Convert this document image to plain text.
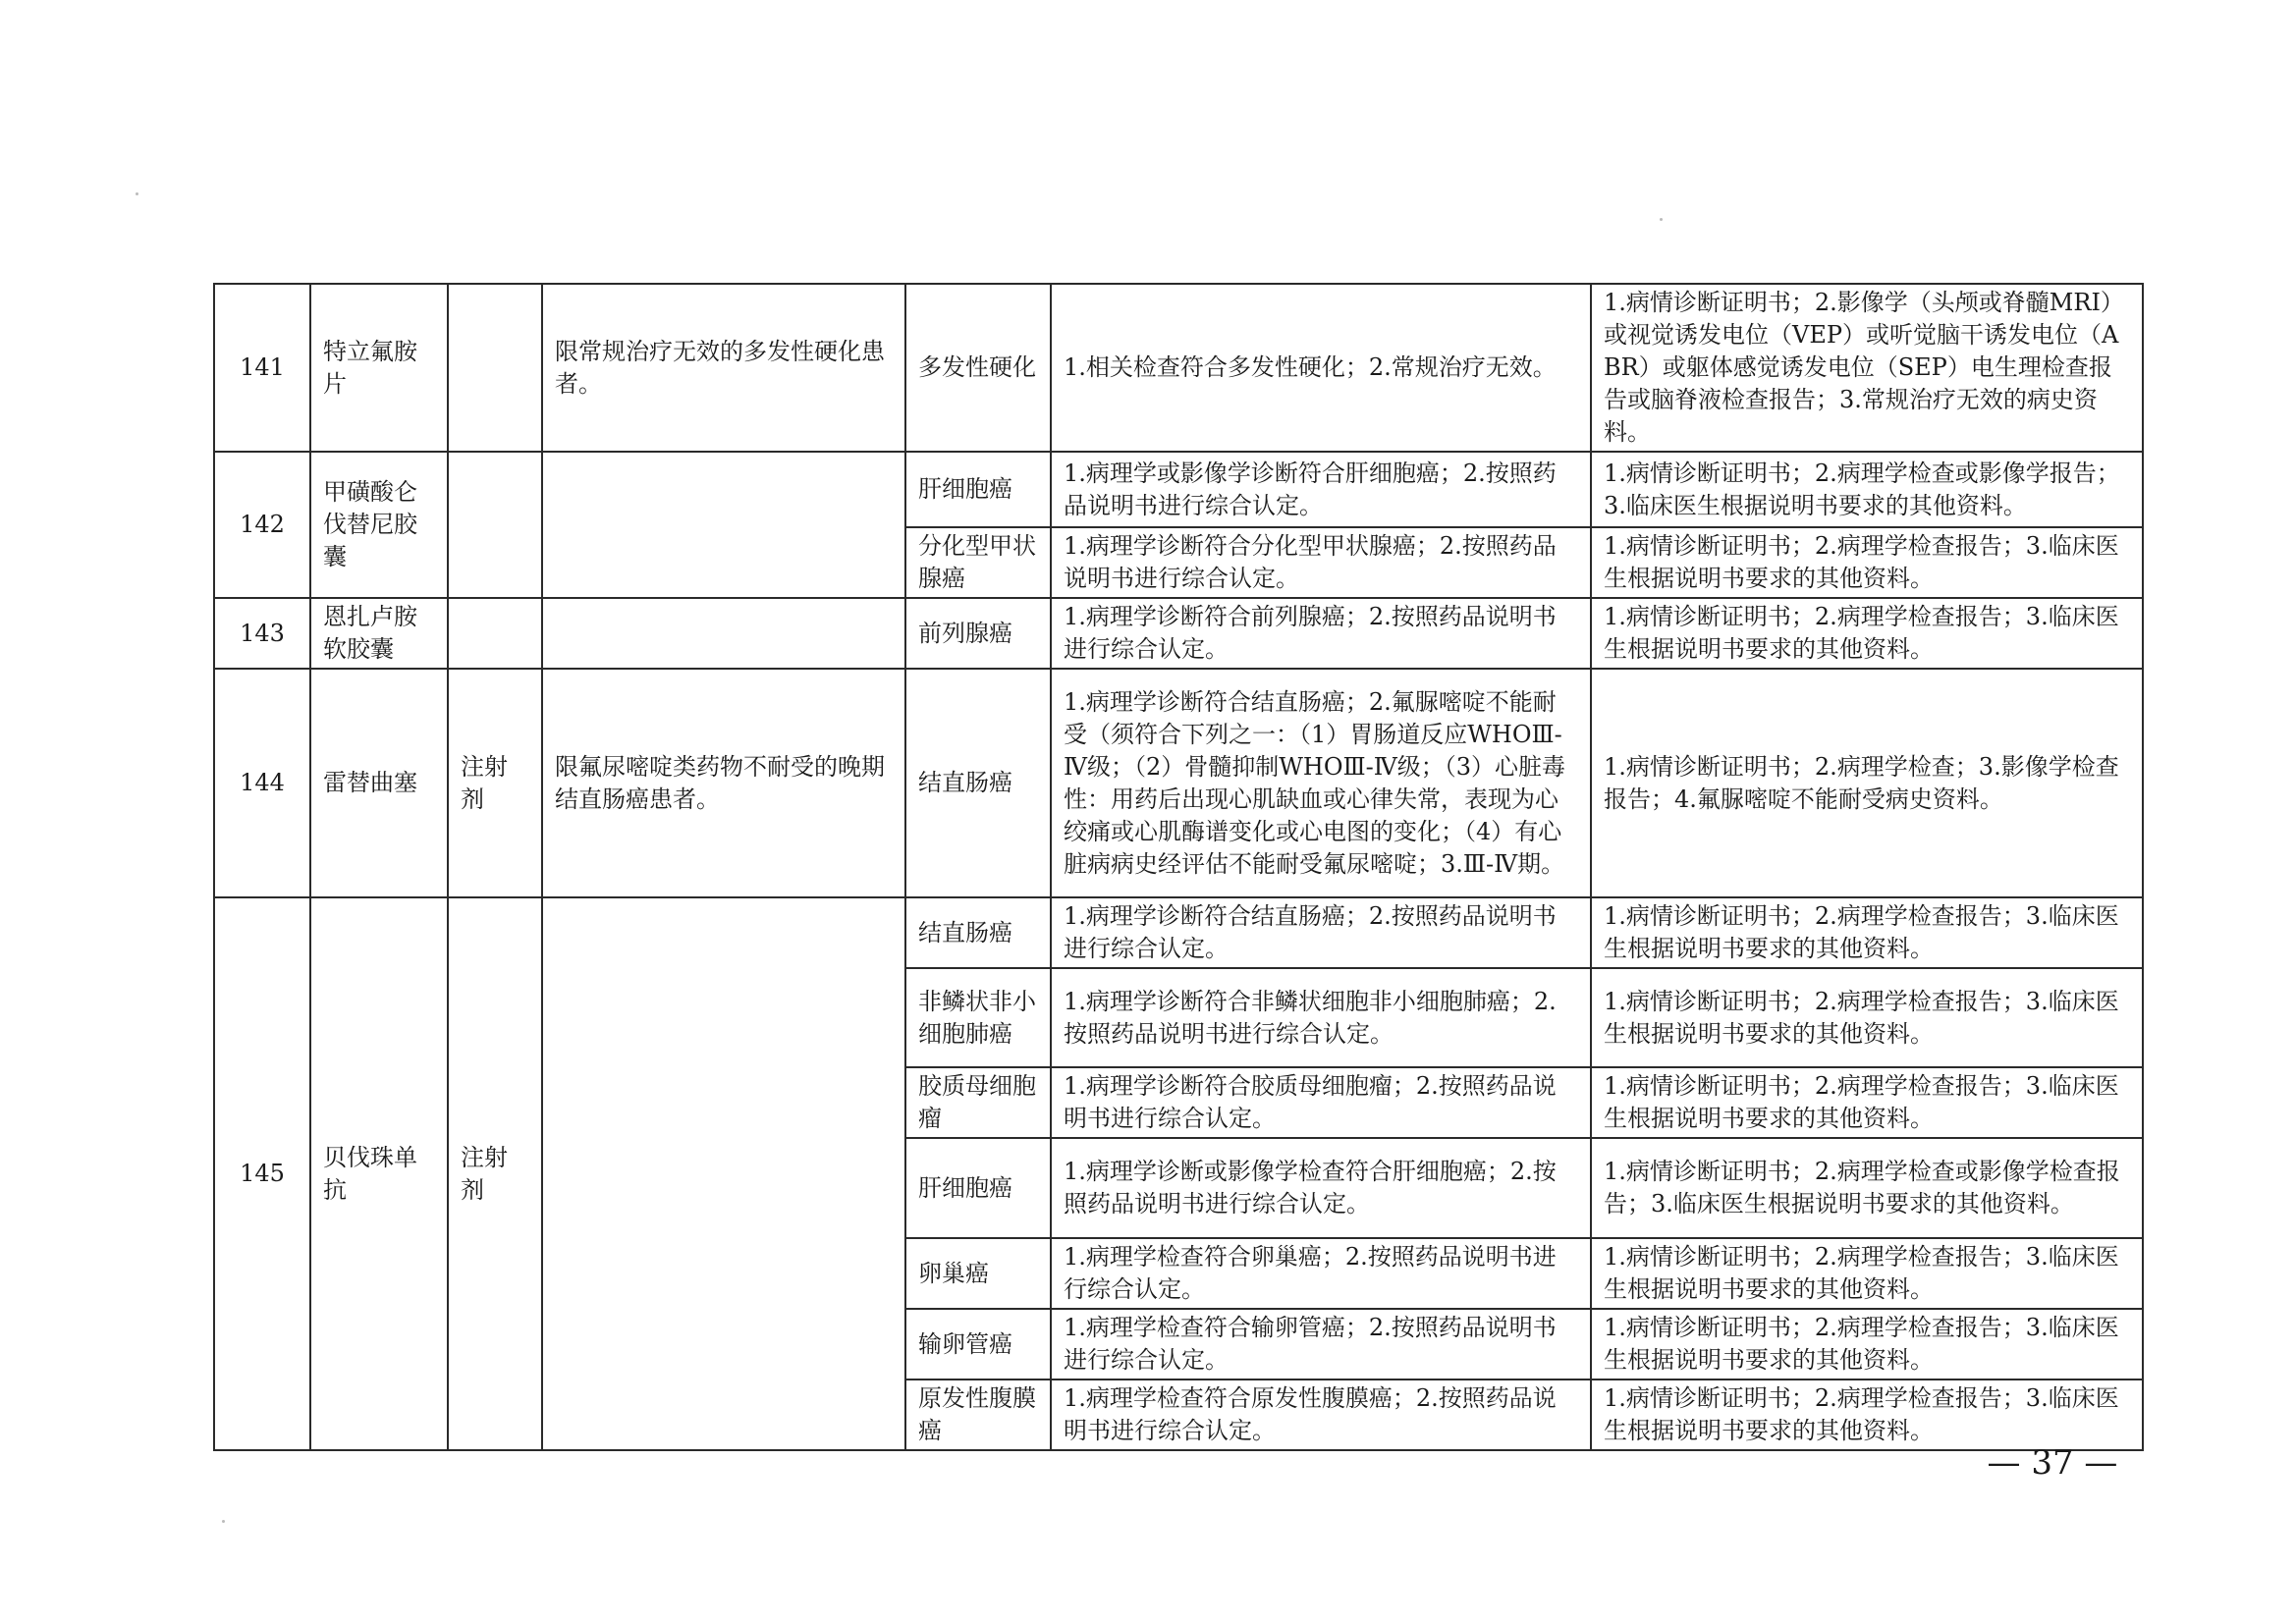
141	特立氟胺片		限常规治疗无效的多发性硬化患者。	多发性硬化	1.相关检查符合多发性硬化；2.常规治疗无效。	1.病情诊断证明书；2.影像学（头颅或脊髓MRI）或视觉诱发电位（VEP）或听觉脑干诱发电位（ABR）或躯体感觉诱发电位（SEP）电生理检查报告或脑脊液检查报告；3.常规治疗无效的病史资料。
142	甲磺酸仑伐替尼胶囊			肝细胞癌	1.病理学或影像学诊断符合肝细胞癌；2.按照药品说明书进行综合认定。	1.病情诊断证明书；2.病理学检查或影像学报告；3.临床医生根据说明书要求的其他资料。
				分化型甲状腺癌	1.病理学诊断符合分化型甲状腺癌；2.按照药品说明书进行综合认定。	1.病情诊断证明书；2.病理学检查报告；3.临床医生根据说明书要求的其他资料。
143	恩扎卢胺软胶囊			前列腺癌	1.病理学诊断符合前列腺癌；2.按照药品说明书进行综合认定。	1.病情诊断证明书；2.病理学检查报告；3.临床医生根据说明书要求的其他资料。
144	雷替曲塞	注射剂	限氟尿嘧啶类药物不耐受的晚期结直肠癌患者。	结直肠癌	1.病理学诊断符合结直肠癌；2.氟脲嘧啶不能耐受（须符合下列之一：（1）胃肠道反应WHOⅢ-Ⅳ级；（2）骨髓抑制WHOⅢ-Ⅳ级；（3）心脏毒性：用药后出现心肌缺血或心律失常，表现为心绞痛或心肌酶谱变化或心电图的变化；（4）有心脏病病史经评估不能耐受氟尿嘧啶；3.Ⅲ-Ⅳ期。	1.病情诊断证明书；2.病理学检查；3.影像学检查报告；4.氟脲嘧啶不能耐受病史资料。
145	贝伐珠单抗	注射剂		结直肠癌	1.病理学诊断符合结直肠癌；2.按照药品说明书进行综合认定。	1.病情诊断证明书；2.病理学检查报告；3.临床医生根据说明书要求的其他资料。
				非鳞状非小细胞肺癌	1.病理学诊断符合非鳞状细胞非小细胞肺癌；2.按照药品说明书进行综合认定。	1.病情诊断证明书；2.病理学检查报告；3.临床医生根据说明书要求的其他资料。
				胶质母细胞瘤	1.病理学诊断符合胶质母细胞瘤；2.按照药品说明书进行综合认定。	1.病情诊断证明书；2.病理学检查报告；3.临床医生根据说明书要求的其他资料。
				肝细胞癌	1.病理学诊断或影像学检查符合肝细胞癌；2.按照药品说明书进行综合认定。	1.病情诊断证明书；2.病理学检查或影像学检查报告；3.临床医生根据说明书要求的其他资料。
				卵巢癌	1.病理学检查符合卵巢癌；2.按照药品说明书进行综合认定。	1.病情诊断证明书；2.病理学检查报告；3.临床医生根据说明书要求的其他资料。
				输卵管癌	1.病理学检查符合输卵管癌；2.按照药品说明书进行综合认定。	1.病情诊断证明书；2.病理学检查报告；3.临床医生根据说明书要求的其他资料。
				原发性腹膜癌	1.病理学检查符合原发性腹膜癌；2.按照药品说明书进行综合认定。	1.病情诊断证明书；2.病理学检查报告；3.临床医生根据说明书要求的其他资料。
— 37 —
